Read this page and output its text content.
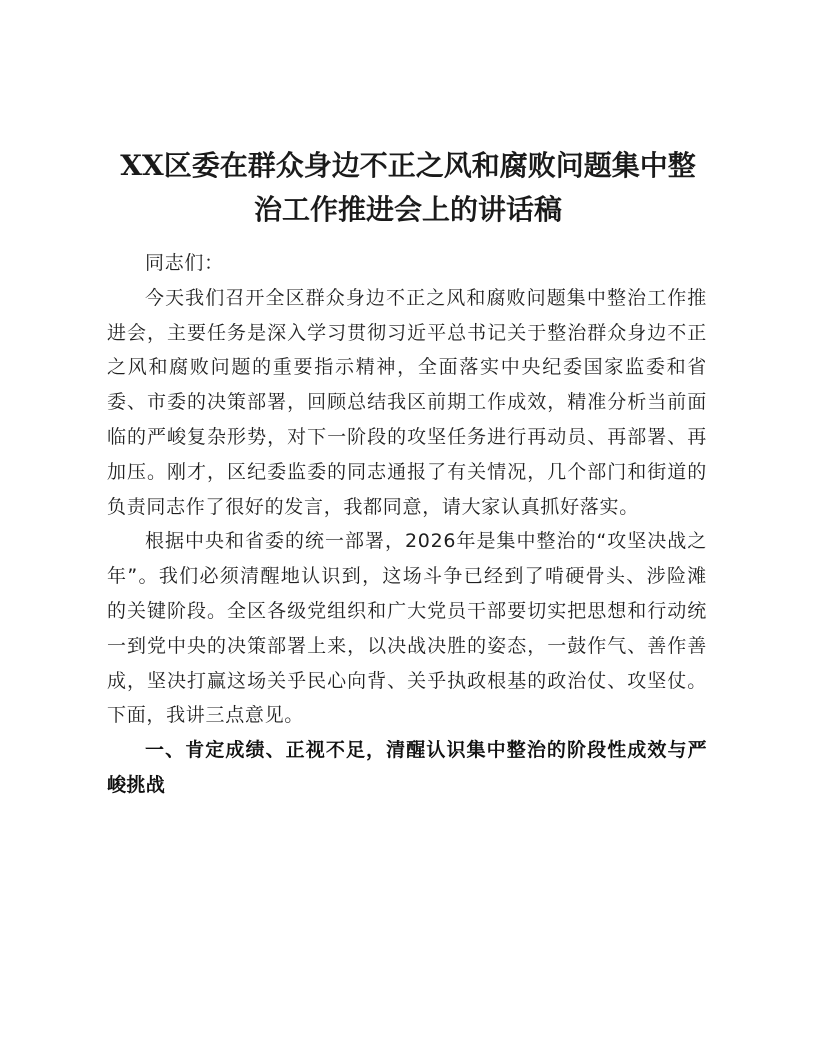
XX区委在群众身边不正之风和腐败问题集中整
治工作推进会上的讲话稿

同志们：

今天我们召开全区群众身边不正之风和腐败问题集中整治工作推进会，主要任务是深入学习贯彻习近平总书记关于整治群众身边不正之风和腐败问题的重要指示精神，全面落实中央纪委国家监委和省委、市委的决策部署，回顾总结我区前期工作成效，精准分析当前面临的严峻复杂形势，对下一阶段的攻坚任务进行再动员、再部署、再加压。刚才，区纪委监委的同志通报了有关情况，几个部门和街道的负责同志作了很好的发言，我都同意，请大家认真抓好落实。

根据中央和省委的统一部署，2026年是集中整治的“攻坚决战之年”。我们必须清醒地认识到，这场斗争已经到了啃硬骨头、涉险滩的关键阶段。全区各级党组织和广大党员干部要切实把思想和行动统一到党中央的决策部署上来，以决战决胜的姿态，一鼓作气、善作善成，坚决打赢这场关乎民心向背、关乎执政根基的政治仗、攻坚仗。下面，我讲三点意见。

一、肯定成绩、正视不足，清醒认识集中整治的阶段性成效与严峻挑战
